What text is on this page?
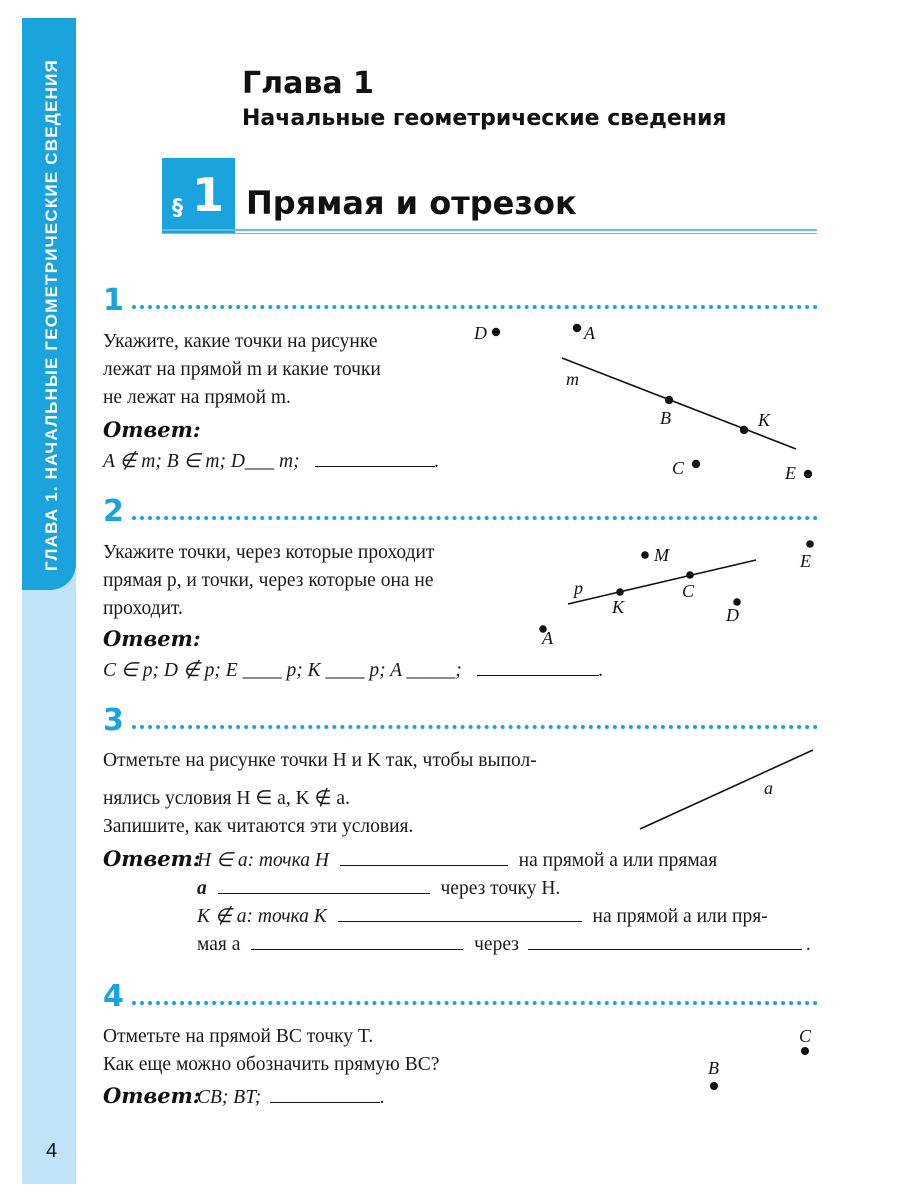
ГЛАВА 1. НАЧАЛЬНЫЕ ГЕОМЕТРИЧЕСКИЕ СВЕДЕНИЯ
4
Глава 1
Начальные геометрические сведения
§ 1 Прямая и отрезок
1
Укажите, какие точки на рисунке
лежат на прямой m и какие точки
не лежат на прямой m.
Ответ:
A ∉ m; B ∈ m; D___ m;	.
m
D	A
B	K
C	E
2
Укажите точки, через которые проходит
прямая p, и точки, через которые она не
проходит.
Ответ:
C ∈ p; D ∉ p; E ____ p; K ____ p; A _____;	.
p
M	E
C
K	D
A
3
Отметьте на рисунке точки H и K так, чтобы выпол-
нялись условия H ∈ a, K ∉ a.
Запишите, как читаются эти условия.
a
Ответ:
H ∈ a: точка H	на прямой a или прямая
a	через точку H.
K ∉ a: точка K	на прямой a или пря-
мая a	через	.
4
Отметьте на прямой BC точку T.
Как еще можно обозначить прямую BC?
Ответ:
CB; BT;	.
C
B
